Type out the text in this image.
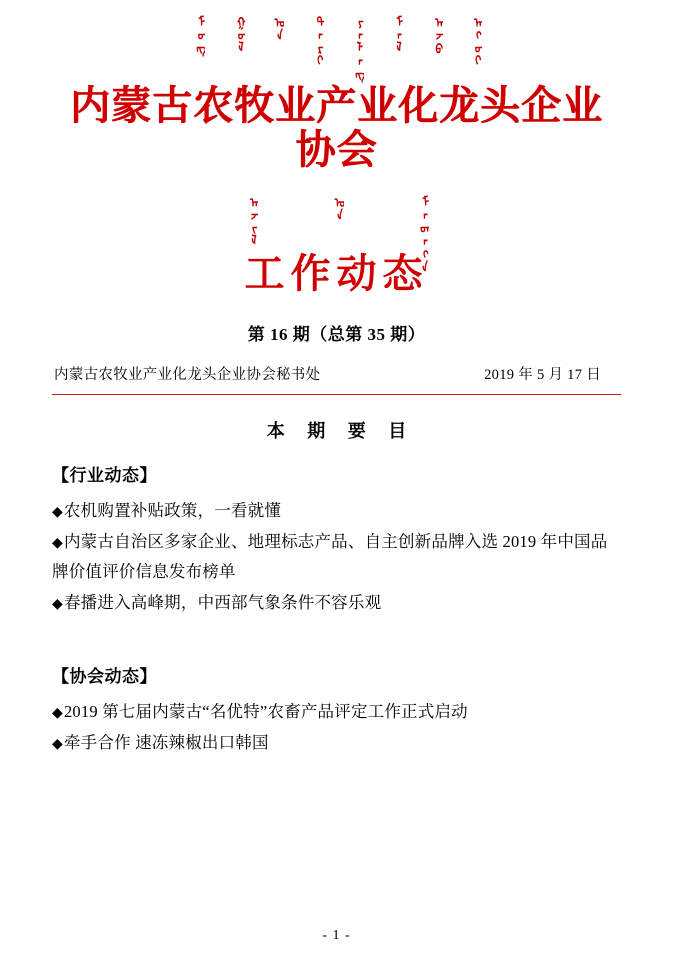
ᠮᠣᠩ ᠭᠣᠯ ᠤᠨ ᠲᠠᠷᠢ ᠶᠠᠯᠠᠩ ᠮᠠᠯ ᠠᠵᠤ ᠠᠬᠤᠢ
内蒙古农牧业产业化龙头企业协会
ᠠᠵᠢᠯ	ᠤᠨ	ᠮᠡᠳᠡᠭᠡ
工作动态
第 16 期（总第 35 期）
内蒙古农牧业产业化龙头企业协会秘书处	2019 年 5 月 17 日
本 期 要 目
【行业动态】
◆农机购置补贴政策，一看就懂
◆内蒙古自治区多家企业、地理标志产品、自主创新品牌入选 2019 年中国品牌价值评价信息发布榜单
◆春播进入高峰期，中西部气象条件不容乐观
【协会动态】
◆2019 第七届内蒙古“名优特”农畜产品评定工作正式启动
◆牵手合作 速冻辣椒出口韩国
- 1 -
